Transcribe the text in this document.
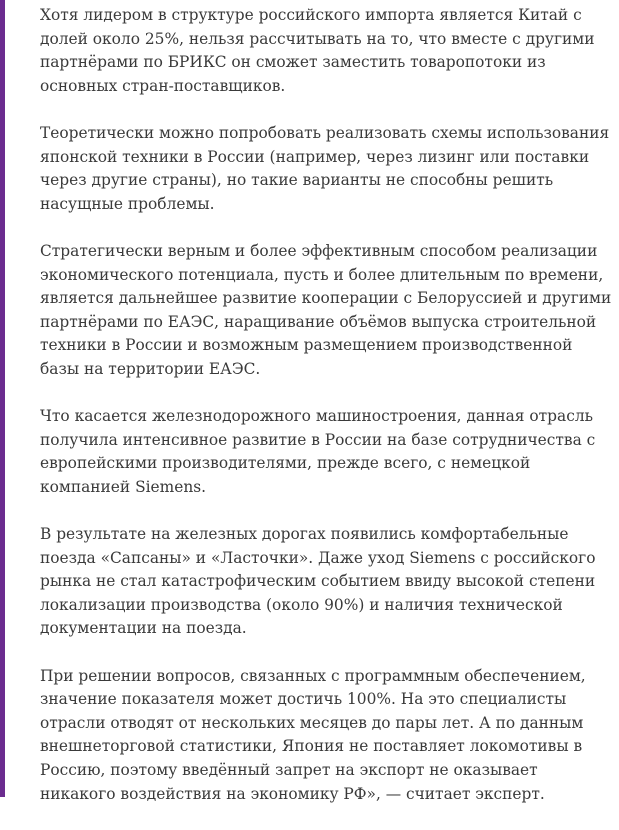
Хотя лидером в структуре российского импорта является Китай с долей около 25%, нельзя рассчитывать на то, что вместе с другими партнёрами по БРИКС он сможет заместить товаропотоки из основных стран-поставщиков.

Теоретически можно попробовать реализовать схемы использования японской техники в России (например, через лизинг или поставки через другие страны), но такие варианты не способны решить насущные проблемы.

Стратегически верным и более эффективным способом реализации экономического потенциала, пусть и более длительным по времени, является дальнейшее развитие кооперации с Белоруссией и другими партнёрами по ЕАЭС, наращивание объёмов выпуска строительной техники в России и возможным размещением производственной базы на территории ЕАЭС.

Что касается железнодорожного машиностроения, данная отрасль получила интенсивное развитие в России на базе сотрудничества с европейскими производителями, прежде всего, с немецкой компанией Siemens.

В результате на железных дорогах появились комфортабельные поезда «Сапсаны» и «Ласточки». Даже уход Siemens с российского рынка не стал катастрофическим событием ввиду высокой степени локализации производства (около 90%) и наличия технической документации на поезда.

При решении вопросов, связанных с программным обеспечением, значение показателя может достичь 100%. На это специалисты отрасли отводят от нескольких месяцев до пары лет. А по данным внешнеторговой статистики, Япония не поставляет локомотивы в Россию, поэтому введённый запрет на экспорт не оказывает никакого воздействия на экономику РФ», — считает эксперт.
